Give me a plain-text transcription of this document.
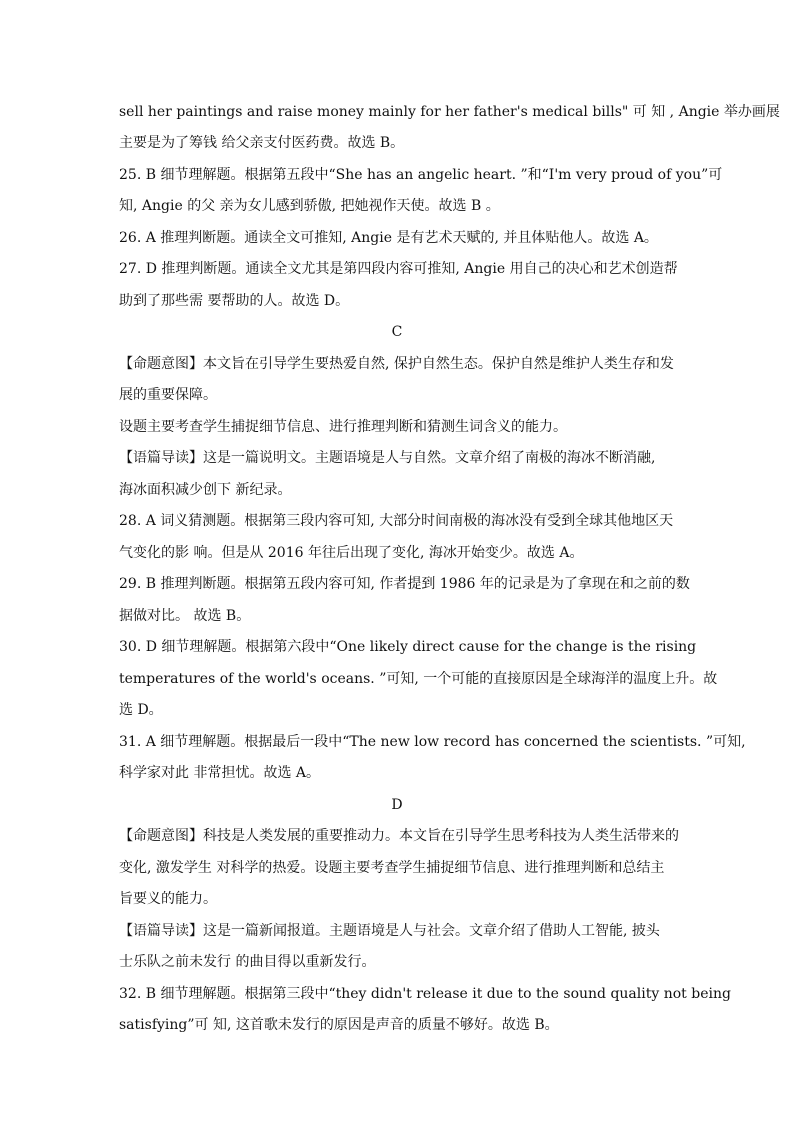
sell her paintings and raise money mainly for her father's medical bills" 可 知 , Angie 举办画展
主要是为了筹钱 给父亲支付医药费。故选 B。
25. B 细节理解题。根据第五段中“She has an angelic heart. ”和“I'm very proud of you”可
知, Angie 的父 亲为女儿感到骄傲, 把她视作天使。故选 B 。
26. A 推理判断题。通读全文可推知, Angie 是有艺术天赋的, 并且体贴他人。故选 A。
27. D 推理判断题。通读全文尤其是第四段内容可推知, Angie 用自己的决心和艺术创造帮
助到了那些需 要帮助的人。故选 D。
C
【命题意图】本文旨在引导学生要热爱自然, 保护自然生态。保护自然是维护人类生存和发
展的重要保障。
设题主要考查学生捕捉细节信息、进行推理判断和猜测生词含义的能力。
【语篇导读】这是一篇说明文。主题语境是人与自然。文章介绍了南极的海冰不断消融,
海冰面积减少创下 新纪录。
28. A 词义猜测题。根据第三段内容可知, 大部分时间南极的海冰没有受到全球其他地区天
气变化的影 响。但是从 2016 年往后出现了变化, 海冰开始变少。故选 A。
29. B 推理判断题。根据第五段内容可知, 作者提到 1986 年的记录是为了拿现在和之前的数
据做对比。 故选 B。
30. D 细节理解题。根据第六段中“One likely direct cause for the change is the rising
temperatures of the world's oceans. ”可知, 一个可能的直接原因是全球海洋的温度上升。故
选 D。
31. A 细节理解题。根据最后一段中“The new low record has concerned the scientists. ”可知,
科学家对此 非常担忧。故选 A。
D
【命题意图】科技是人类发展的重要推动力。本文旨在引导学生思考科技为人类生活带来的
变化, 激发学生 对科学的热爱。设题主要考查学生捕捉细节信息、进行推理判断和总结主
旨要义的能力。
【语篇导读】这是一篇新闻报道。主题语境是人与社会。文章介绍了借助人工智能, 披头
士乐队之前未发行 的曲目得以重新发行。
32. B 细节理解题。根据第三段中“they didn't release it due to the sound quality not being
satisfying”可 知, 这首歌未发行的原因是声音的质量不够好。故选 B。
